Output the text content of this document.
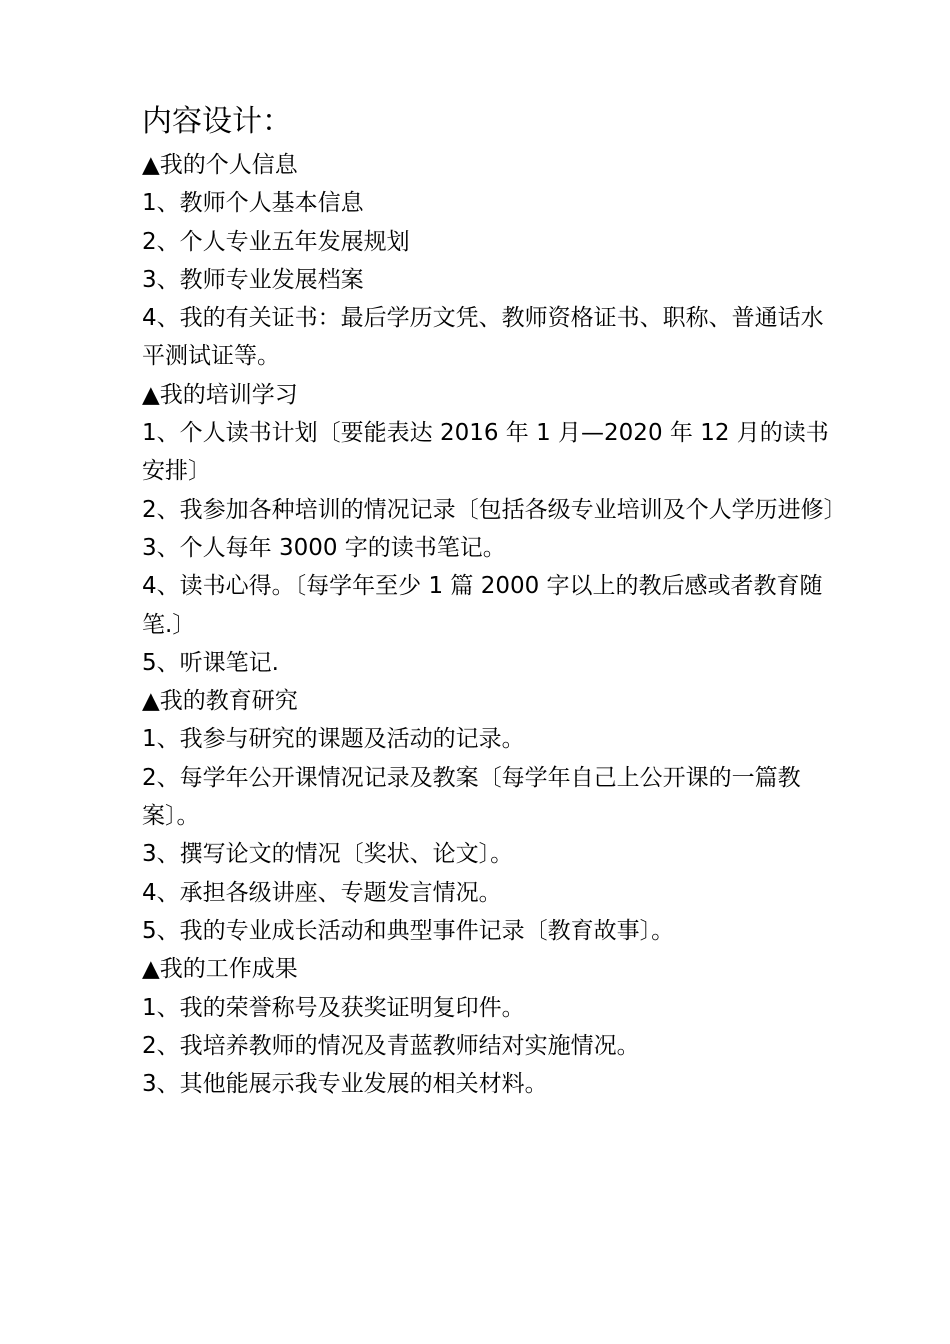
内容设计：

▲我的个人信息

1、教师个人基本信息

2、个人专业五年发展规划

3、教师专业发展档案

4、我的有关证书：最后学历文凭、教师资格证书、职称、普通话水平测试证等。

▲我的培训学习

1、个人读书计划〔要能表达 2016 年 1 月—2020 年 12 月的读书安排〕

2、我参加各种培训的情况记录〔包括各级专业培训及个人学历进修〕

3、个人每年 3000 字的读书笔记。

4、读书心得。〔每学年至少 1 篇 2000 字以上的教后感或者教育随笔.〕

5、听课笔记.

▲我的教育研究

1、我参与研究的课题及活动的记录。

2、每学年公开课情况记录及教案〔每学年自己上公开课的一篇教案〕。

3、撰写论文的情况〔奖状、论文〕。

4、承担各级讲座、专题发言情况。

5、我的专业成长活动和典型事件记录〔教育故事〕。

▲我的工作成果

1、我的荣誉称号及获奖证明复印件。

2、我培养教师的情况及青蓝教师结对实施情况。

3、其他能展示我专业发展的相关材料。
